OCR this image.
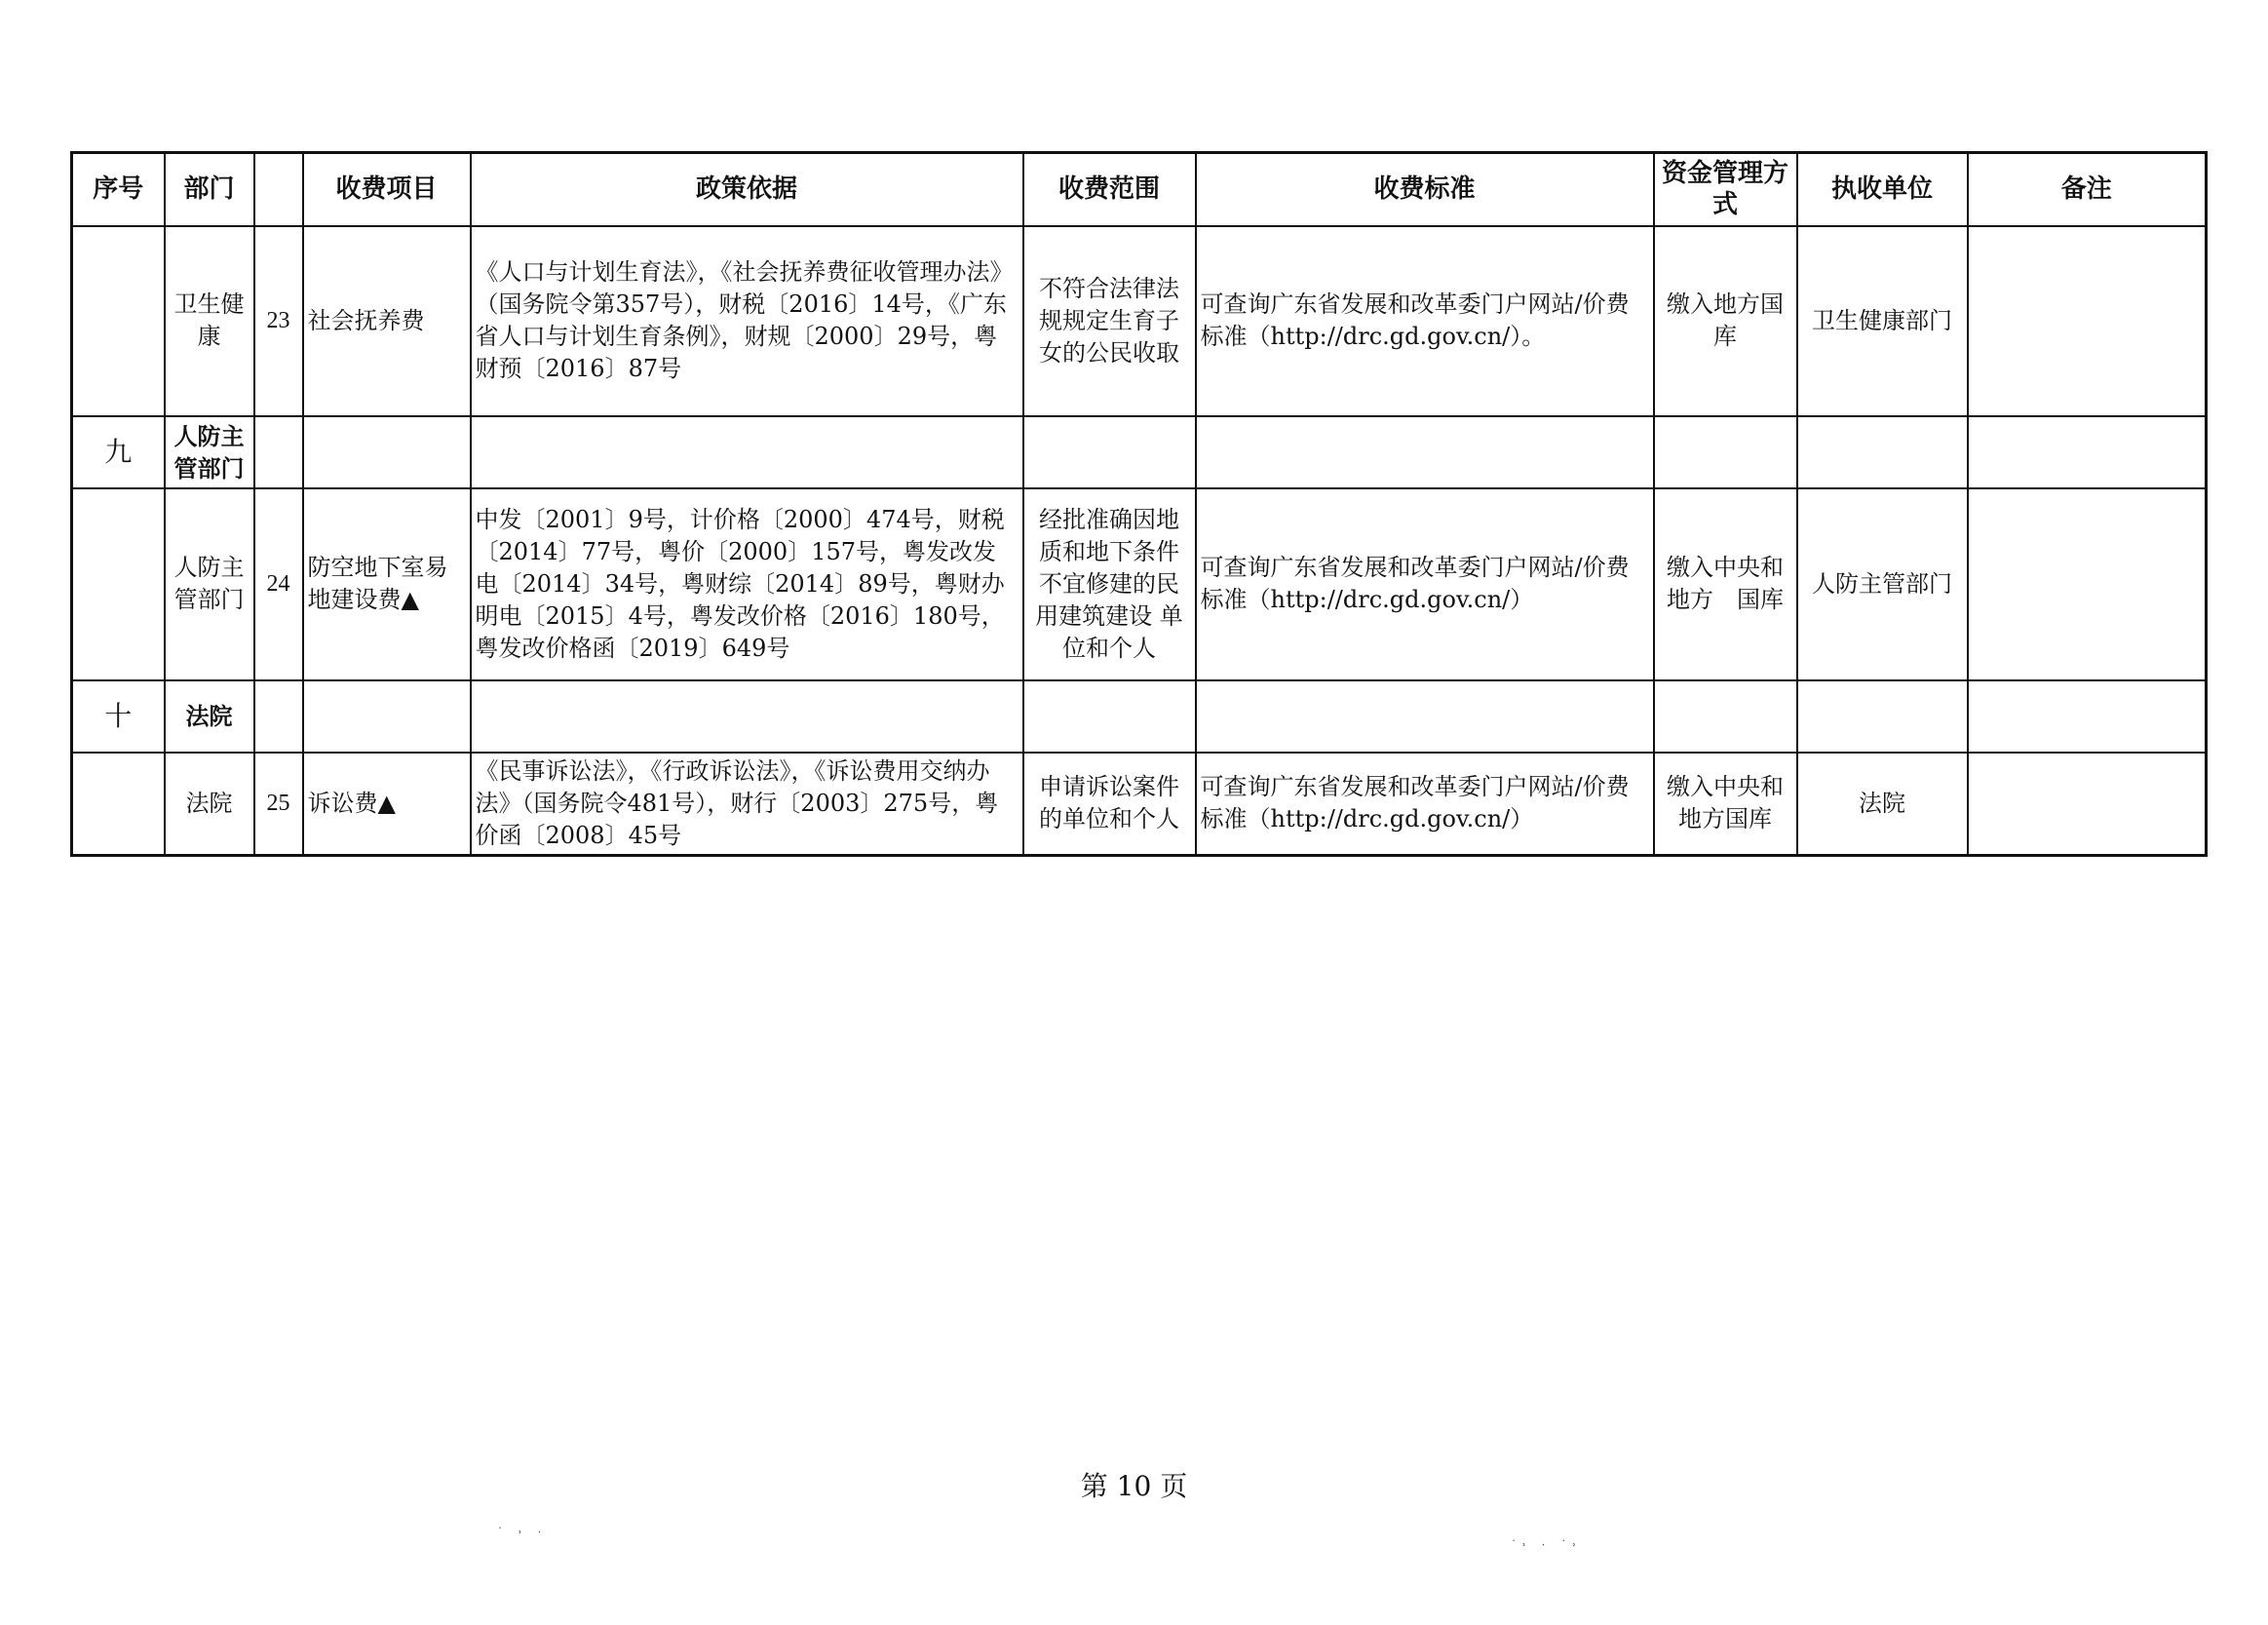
序号	部门		收费项目	政策依据	收费范围	收费标准	资金管理方式	执收单位	备注
	卫生健康	23	社会抚养费	《人口与计划生育法》，《社会抚养费征收管理办法》（国务院令第357号），财税〔2016〕14号，《广东省人口与计划生育条例》，财规〔2000〕29号，粤财预〔2016〕87号	不符合法律法规规定生育子女的公民收取	可查询广东省发展和改革委门户网站/价费标准（http://drc.gd.gov.cn/）。	缴入地方国库	卫生健康部门	
九	人防主管部门								
	人防主管部门	24	防空地下室易地建设费▲	中发〔2001〕9号，计价格〔2000〕474号，财税〔2014〕77号，粤价〔2000〕157号，粤发改发电〔2014〕34号，粤财综〔2014〕89号，粤财办明电〔2015〕4号，粤发改价格〔2016〕180号，粤发改价格函〔2019〕649号	经批准确因地质和地下条件不宜修建的民用建筑建设 单位和个人	可查询广东省发展和改革委门户网站/价费标准（http://drc.gd.gov.cn/）	缴入中央和地方　国库	人防主管部门	
十	法院								
	法院	25	诉讼费▲	《民事诉讼法》，《行政诉讼法》，《诉讼费用交纳办法》（国务院令481号），财行〔2003〕275号，粤价函〔2008〕45号	申请诉讼案件的单位和个人	可查询广东省发展和改革委门户网站/价费标准（http://drc.gd.gov.cn/）	缴入中央和地方国库	法院	
第 10 页
˙ ˒ ˑ
˙˒ ˑ ˙˒
